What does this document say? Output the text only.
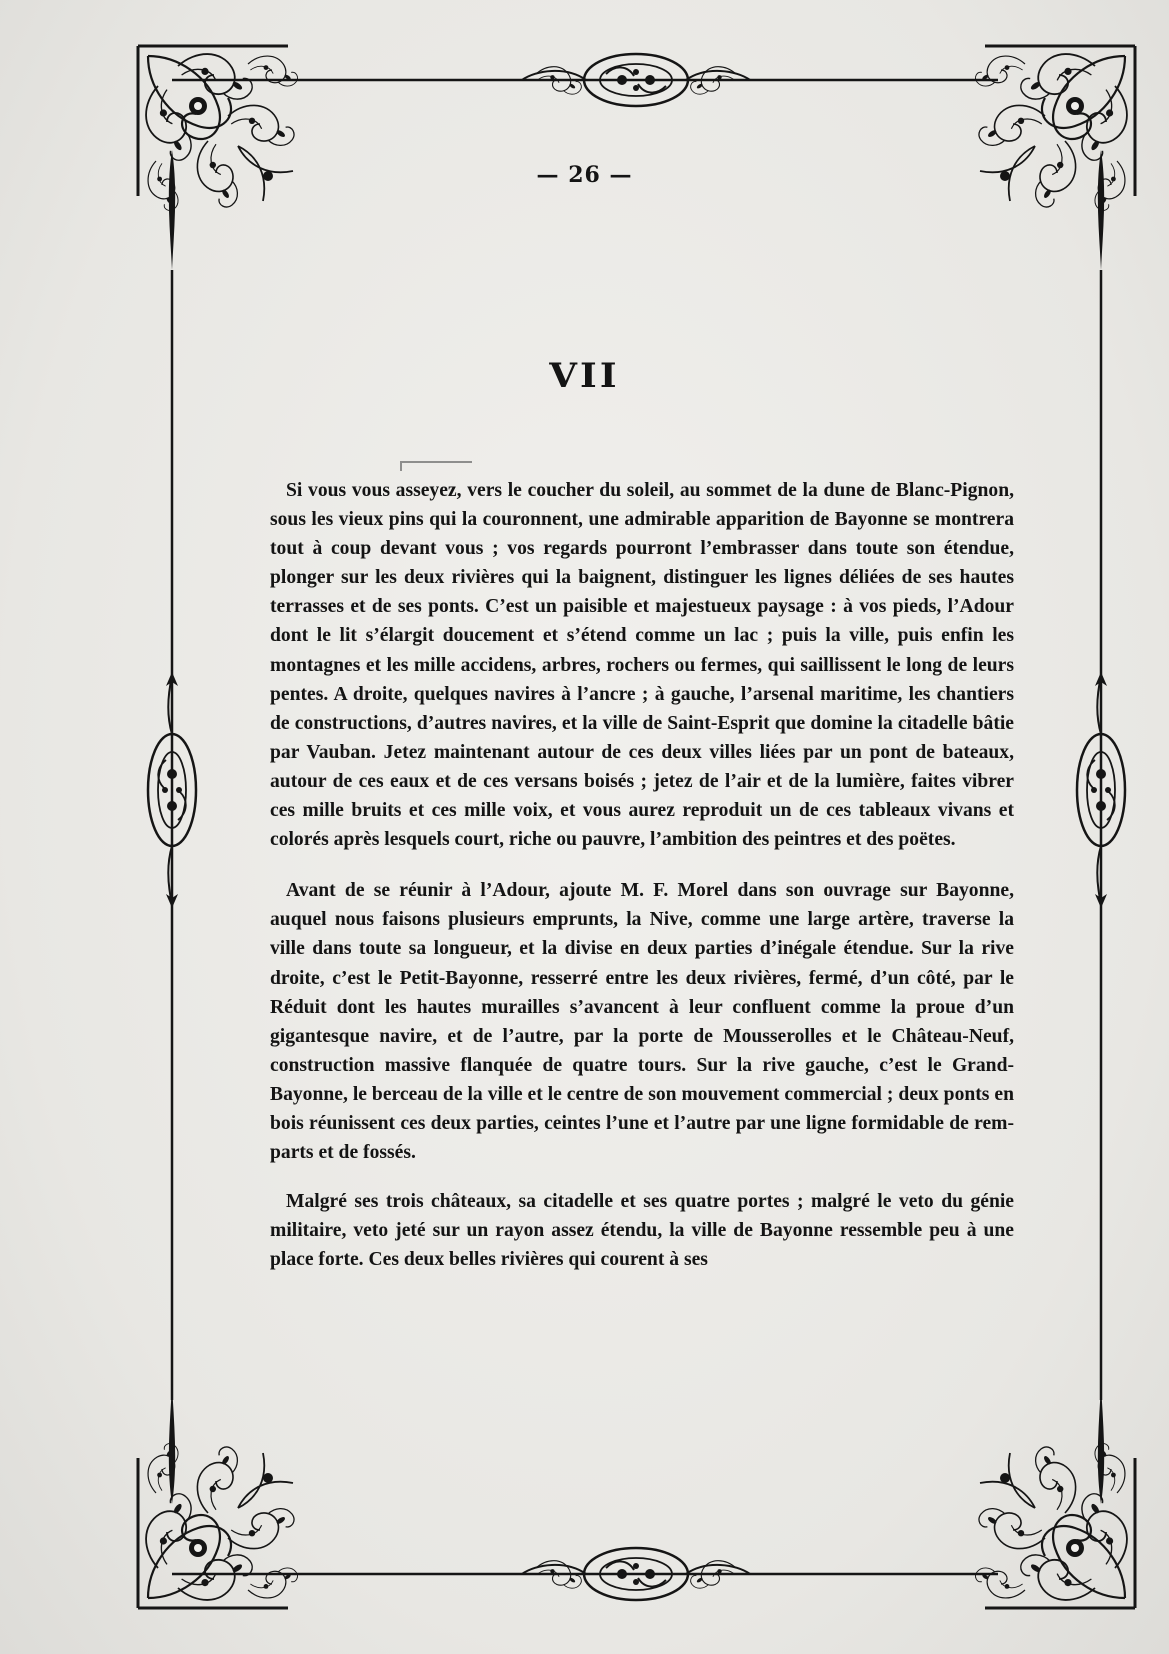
— 26 —
VII

Si vous vous asseyez, vers le coucher du soleil, au sommet de la dune de Blanc-Pignon, sous les vieux pins qui la couronnent, une admirable apparition de Bayonne se montrera tout à coup devant vous ; vos regards pourront l’embrasser dans toute son étendue, plonger sur les deux rivières qui la baignent, distinguer les lignes déliées de ses hautes terrasses et de ses ponts. C’est un paisible et majestueux paysage : à vos pieds, l’Adour dont le lit s’élargit doucement et s’étend comme un lac ; puis la ville, puis enfin les montagnes et les mille accidens, arbres, rochers ou fermes, qui saillissent le long de leurs pentes. A droite, quelques navires à l’ancre ; à gauche, l’arsenal maritime, les chantiers de constructions, d’autres navires, et la ville de Saint-Esprit que domine la citadelle bâtie par Vauban. Jetez maintenant autour de ces deux villes liées par un pont de bateaux, autour de ces eaux et de ces versans boisés ; jetez de l’air et de la lumière, faites vibrer ces mille bruits et ces mille voix, et vous aurez reproduit un de ces tableaux vivans et colorés après lesquels court, riche ou pauvre, l’ambition des peintres et des poëtes.

Avant de se réunir à l’Adour, ajoute M. F. Morel dans son ouvrage sur Bayonne, auquel nous faisons plusieurs emprunts, la Nive, comme une large artère, traverse la ville dans toute sa longueur, et la divise en deux parties d’inégale étendue. Sur la rive droite, c’est le Petit-Bayonne, resserré entre les deux rivières, fermé, d’un côté, par le Réduit dont les hautes murailles s’avancent à leur confluent comme la proue d’un gigantesque navire, et de l’autre, par la porte de Mousserolles et le Château-Neuf, construction massive flanquée de quatre tours. Sur la rive gauche, c’est le Grand-Bayonne, le berceau de la ville et le centre de son mouvement commercial ; deux ponts en bois réunissent ces deux parties, ceintes l’une et l’autre par une ligne formidable de remparts et de fossés.

Malgré ses trois châteaux, sa citadelle et ses quatre portes ; malgré le veto du génie militaire, veto jeté sur un rayon assez étendu, la ville de Bayonne ressemble peu à une place forte. Ces deux belles rivières qui courent à ses
